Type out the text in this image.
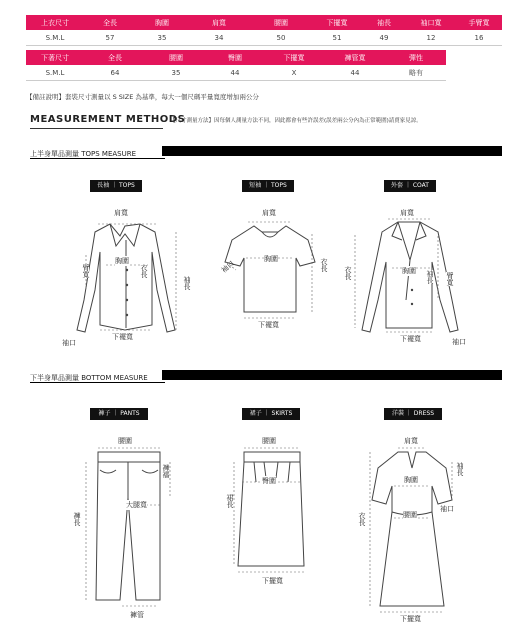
上衣尺寸	全長	胸圍	肩寬	腰圍	下擺寬	袖長	袖口寬	手臂寬
S.M.L	57	35	34	50	51	49	12	16
下著尺寸	全長	腰圍	臀圍	下擺寬	褲管寬	彈性
S.M.L	64	35	44	X	44	略有
【備註說明】套裝尺寸測量以 S SIZE 為基準，每大一個尺碼平量寬度增加兩公分
MEASUREMENT METHODS
【尺寸測量方法】因每個人測量方法不同，因此都會有些許誤差(誤差兩公分內為正常範圍)請賣家見諒。
上半身單品測量 TOPS MEASURE
長袖 ｜ TOPS	短袖 ｜ TOPS	外套 ｜ COAT
肩寬
胸圍
臂寬	衣長
袖長
下襬寬
袖口
肩寬
胸圍	衣長
袖口
下襬寬
肩寬
胸圍
衣長	袖長 臂寬
下襬寬	袖口
下半身單品測量 BOTTOM MEASURE
褲子 ｜ PANTS	裙子 ｜ SKIRTS	洋裝 ｜ DRESS
腰圍
褲襠
大腿寬
褲長
褲管
腰圍
臀圍
裙長
下擺寬
肩寬
胸圍
腰圍
衣長
袖長
袖口
下擺寬
